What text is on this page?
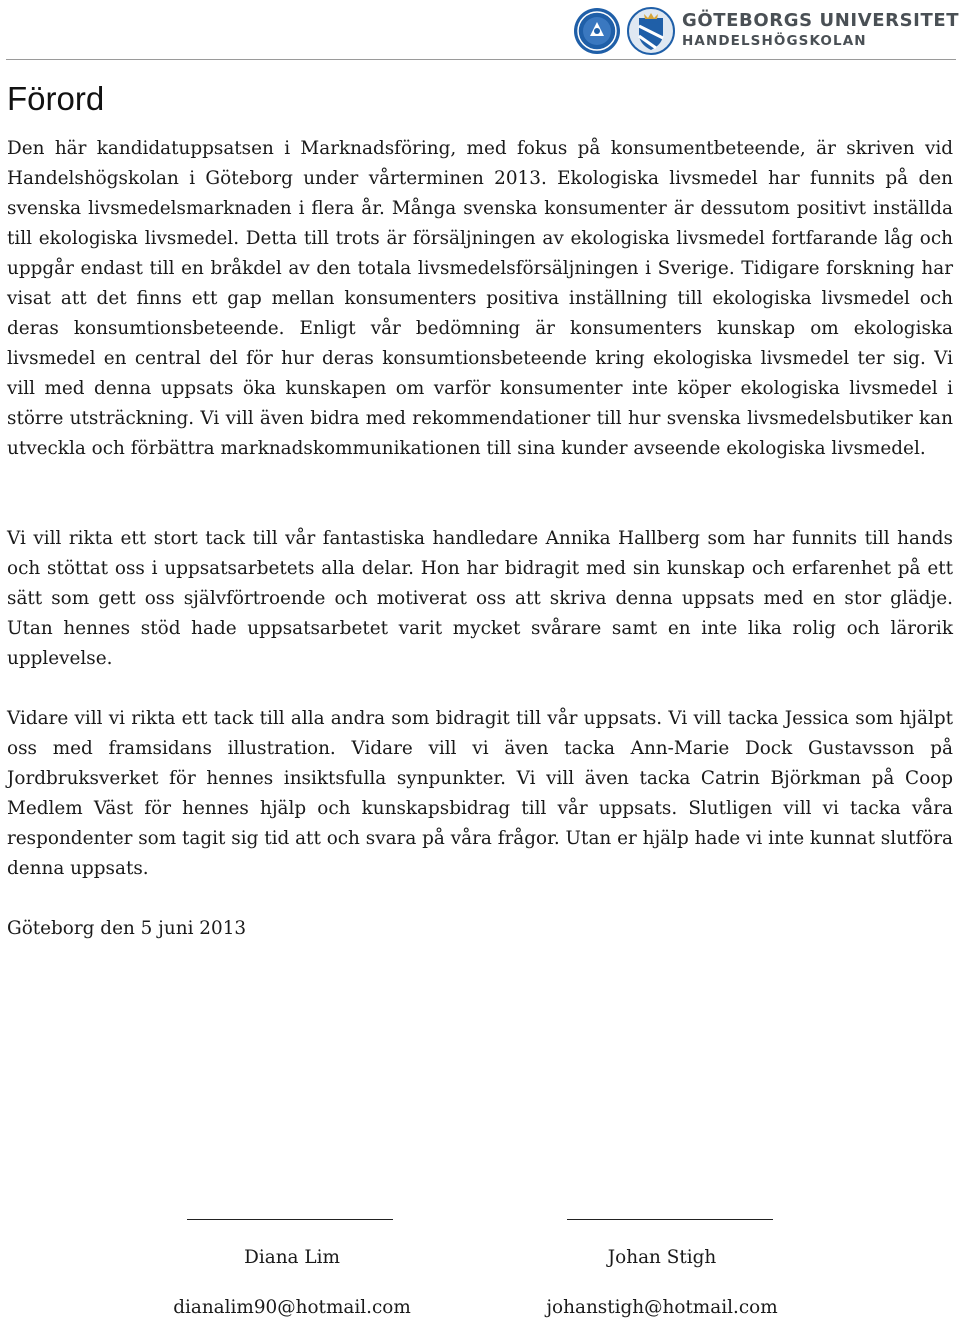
GÖTEBORGS UNIVERSITET
HANDELSHÖGSKOLAN
Förord

Den här kandidatuppsatsen i Marknadsföring, med fokus på konsumentbeteende, är skriven vid Handelshögskolan i Göteborg under vårterminen 2013. Ekologiska livsmedel har funnits på den svenska livsmedelsmarknaden i flera år. Många svenska konsumenter är dessutom positivt inställda till ekologiska livsmedel. Detta till trots är försäljningen av ekologiska livsmedel fortfarande låg och uppgår endast till en bråkdel av den totala livsmedelsförsäljningen i Sverige. Tidigare forskning har visat att det finns ett gap mellan konsumenters positiva inställning till ekologiska livsmedel och deras konsumtionsbeteende. Enligt vår bedömning är konsumenters kunskap om ekologiska livsmedel en central del för hur deras konsumtionsbeteende kring ekologiska livsmedel ter sig. Vi vill med denna uppsats öka kunskapen om varför konsumenter inte köper ekologiska livsmedel i större utsträckning. Vi vill även bidra med rekommendationer till hur svenska livsmedelsbutiker kan utveckla och förbättra marknadskommunikationen till sina kunder avseende ekologiska livsmedel.

Vi vill rikta ett stort tack till vår fantastiska handledare Annika Hallberg som har funnits till hands och stöttat oss i uppsatsarbetets alla delar. Hon har bidragit med sin kunskap och erfarenhet på ett sätt som gett oss självförtroende och motiverat oss att skriva denna uppsats med en stor glädje. Utan hennes stöd hade uppsatsarbetet varit mycket svårare samt en inte lika rolig och lärorik upplevelse.

Vidare vill vi rikta ett tack till alla andra som bidragit till vår uppsats. Vi vill tacka Jessica som hjälpt oss med framsidans illustration. Vidare vill vi även tacka Ann-Marie Dock Gustavsson på Jordbruksverket för hennes insiktsfulla synpunkter. Vi vill även tacka Catrin Björkman på Coop Medlem Väst för hennes hjälp och kunskapsbidrag till vår uppsats. Slutligen vill vi tacka våra respondenter som tagit sig tid att och svara på våra frågor. Utan er hjälp hade vi inte kunnat slutföra denna uppsats.

Göteborg den 5 juni 2013

Diana Lim	Johan Stigh
dianalim90@hotmail.com	johanstigh@hotmail.com
